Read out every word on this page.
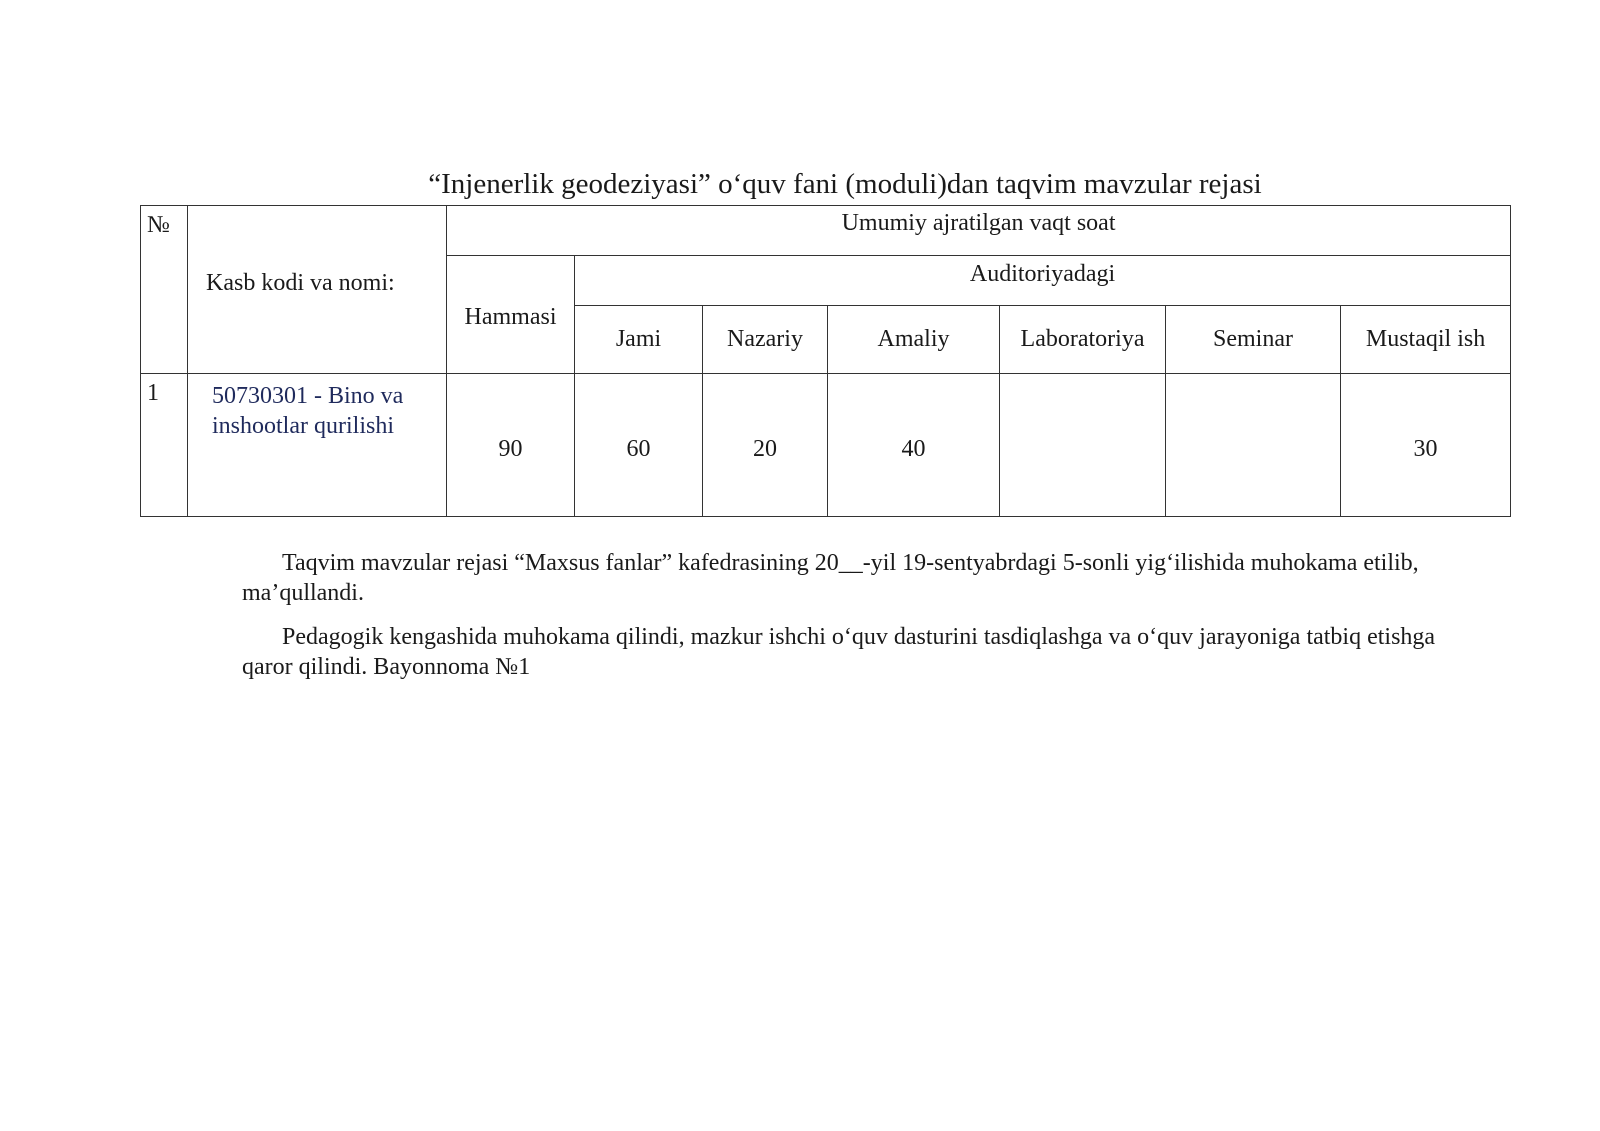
“Injenerlik geodeziyasi” o‘quv fani (moduli)dan taqvim mavzular rejasi
№	Kasb kodi va nomi:	Umumiy ajratilgan vaqt soat						
		Hammasi	Auditoriyadagi					
			Jami	Nazariy	Amaliy	Laboratoriya	Seminar	Mustaqil ish
1	50730301 - Bino va inshootlar qurilishi	90	60	20	40			30

Taqvim mavzular rejasi “Maxsus fanlar” kafedrasining 20__-yil 19-sentyabrdagi 5-sonli yig‘ilishida muhokama etilib, ma’qullandi.

Pedagogik kengashida muhokama qilindi, mazkur ishchi o‘quv dasturini tasdiqlashga va o‘quv jarayoniga tatbiq etishga qaror qilindi. Bayonnoma №1
